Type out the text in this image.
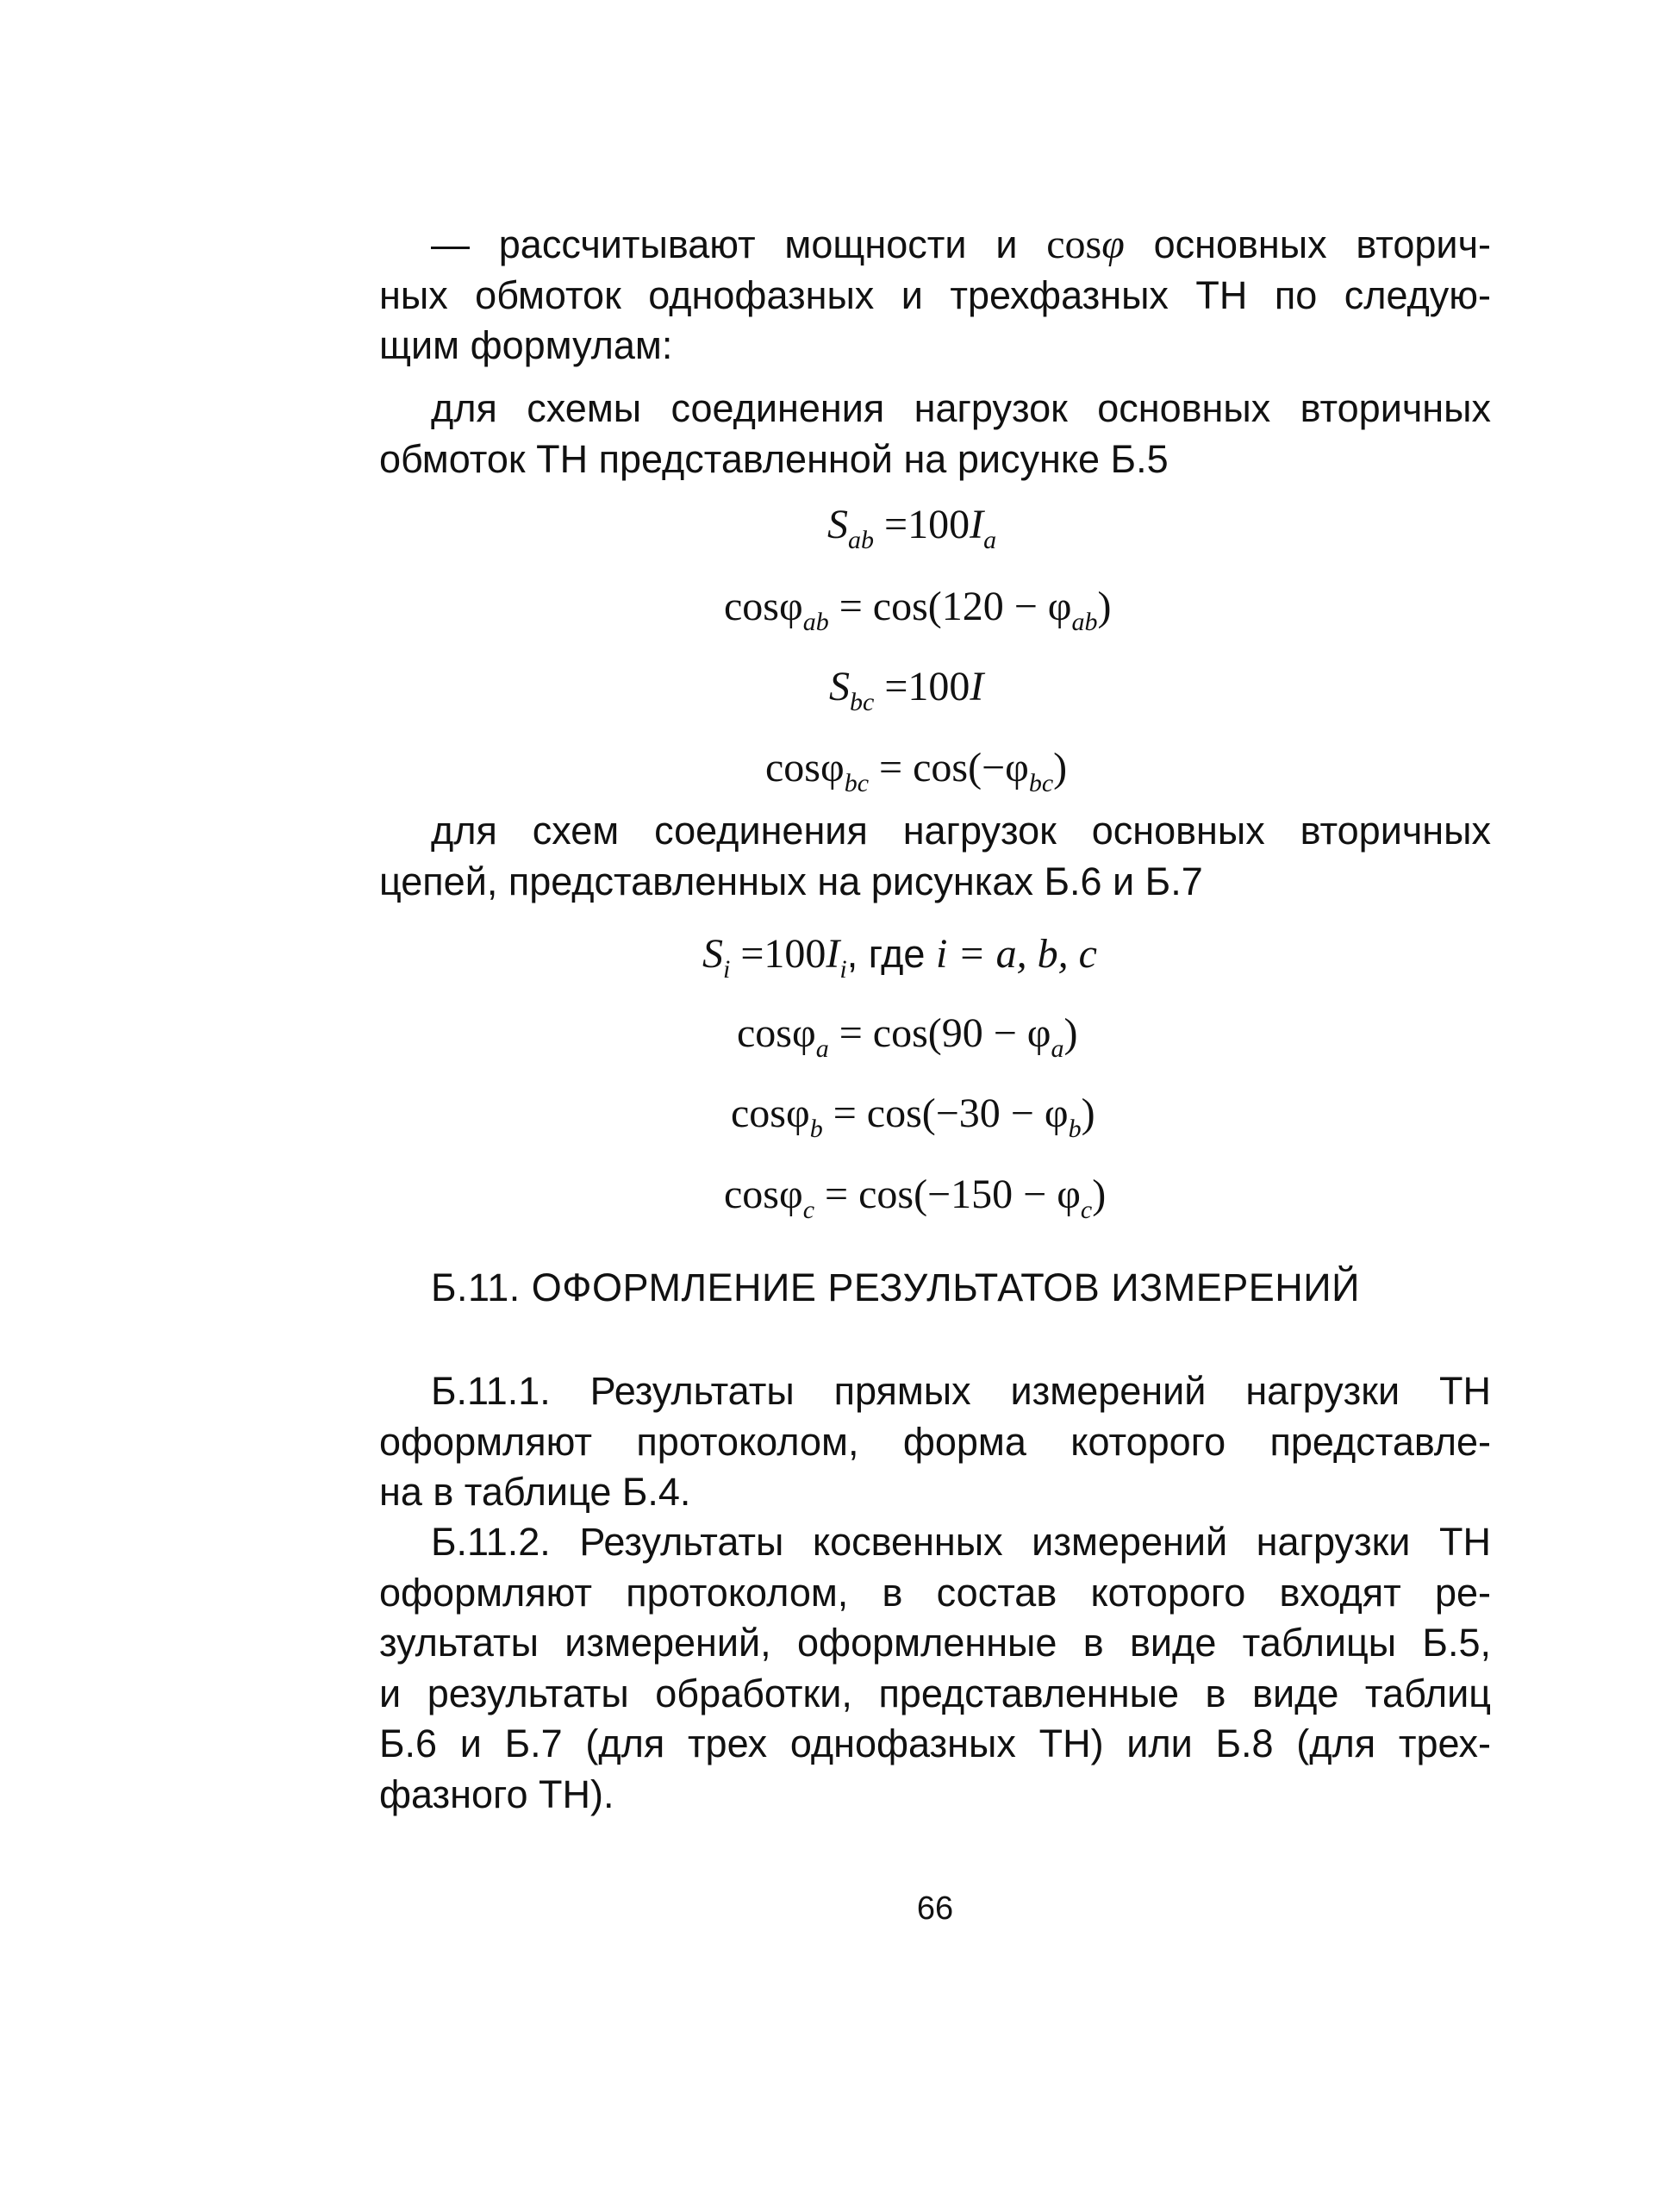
— рассчитывают мощности и cosφ основных вторич-
ных обмоток однофазных и трехфазных ТН по следую-
щим формулам:
для схемы соединения нагрузок основных вторичных
обмоток ТН представленной на рисунке Б.5
$S_{ab} =100I_a$
$\cos\varphi_{ab} = \cos(120 - \varphi_{ab})$
$S_{bc} =100I$
$\cos\varphi_{bc} = \cos(-\varphi_{bc})$
для схем соединения нагрузок основных вторичных
цепей, представленных на рисунках Б.6 и Б.7
$S_i =100I_i$, где i = a, b, c
$\cos\varphi_a = \cos(90 - \varphi_a)$
$\cos\varphi_b = \cos(-30 - \varphi_b)$
$\cos\varphi_c = \cos(-150 - \varphi_c)$
Б.11. ОФОРМЛЕНИЕ РЕЗУЛЬТАТОВ ИЗМЕРЕНИЙ
Б.11.1. Результаты прямых измерений нагрузки ТН
оформляют протоколом, форма которого представле-
на в таблице Б.4.
Б.11.2. Результаты косвенных измерений нагрузки ТН
оформляют протоколом, в состав которого входят ре-
зультаты измерений, оформленные в виде таблицы Б.5,
и результаты обработки, представленные в виде таблиц
Б.6 и Б.7 (для трех однофазных ТН) или Б.8 (для трех-
фазного ТН).
66
